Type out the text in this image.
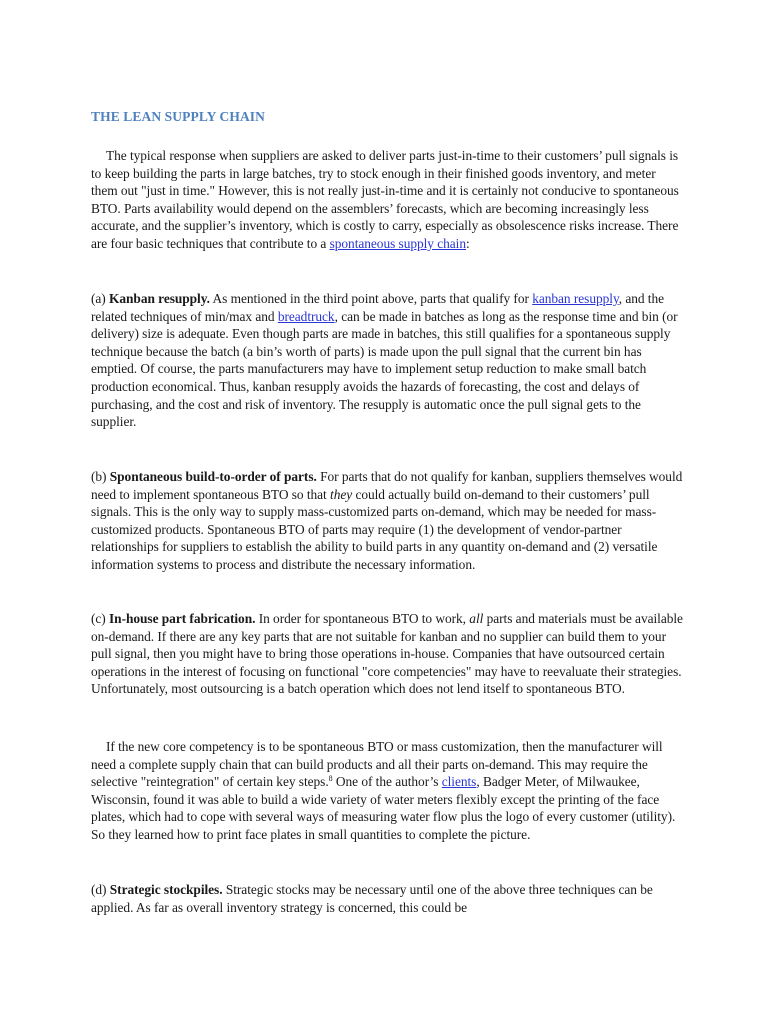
THE LEAN SUPPLY CHAIN

The typical response when suppliers are asked to deliver parts just-in-time to their customers’ pull signals is to keep building the parts in large batches, try to stock enough in their finished goods inventory, and meter them out "just in time." However, this is not really just-in-time and it is certainly not conducive to spontaneous BTO. Parts availability would depend on the assemblers’ forecasts, which are becoming increasingly less accurate, and the supplier’s inventory, which is costly to carry, especially as obsolescence risks increase. There are four basic techniques that contribute to a spontaneous supply chain:

(a) Kanban resupply. As mentioned in the third point above, parts that qualify for kanban resupply, and the related techniques of min/max and breadtruck, can be made in batches as long as the response time and bin (or delivery) size is adequate. Even though parts are made in batches, this still qualifies for a spontaneous supply technique because the batch (a bin’s worth of parts) is made upon the pull signal that the current bin has emptied. Of course, the parts manufacturers may have to implement setup reduction to make small batch production economical. Thus, kanban resupply avoids the hazards of forecasting, the cost and delays of purchasing, and the cost and risk of inventory. The resupply is automatic once the pull signal gets to the supplier.

(b) Spontaneous build-to-order of parts. For parts that do not qualify for kanban, suppliers themselves would need to implement spontaneous BTO so that they could actually build on-demand to their customers’ pull signals. This is the only way to supply mass-customized parts on-demand, which may be needed for mass-customized products. Spontaneous BTO of parts may require (1) the development of vendor-partner relationships for suppliers to establish the ability to build parts in any quantity on-demand and (2) versatile information systems to process and distribute the necessary information.

(c) In-house part fabrication. In order for spontaneous BTO to work, all parts and materials must be available on-demand. If there are any key parts that are not suitable for kanban and no supplier can build them to your pull signal, then you might have to bring those operations in-house. Companies that have outsourced certain operations in the interest of focusing on functional "core competencies" may have to reevaluate their strategies. Unfortunately, most outsourcing is a batch operation which does not lend itself to spontaneous BTO.

If the new core competency is to be spontaneous BTO or mass customization, then the manufacturer will need a complete supply chain that can build products and all their parts on-demand. This may require the selective "reintegration" of certain key steps.$^8$ One of the author’s clients, Badger Meter, of Milwaukee, Wisconsin, found it was able to build a wide variety of water meters flexibly except the printing of the face plates, which had to cope with several ways of measuring water flow plus the logo of every customer (utility). So they learned how to print face plates in small quantities to complete the picture.

(d) Strategic stockpiles. Strategic stocks may be necessary until one of the above three techniques can be applied. As far as overall inventory strategy is concerned, this could be
